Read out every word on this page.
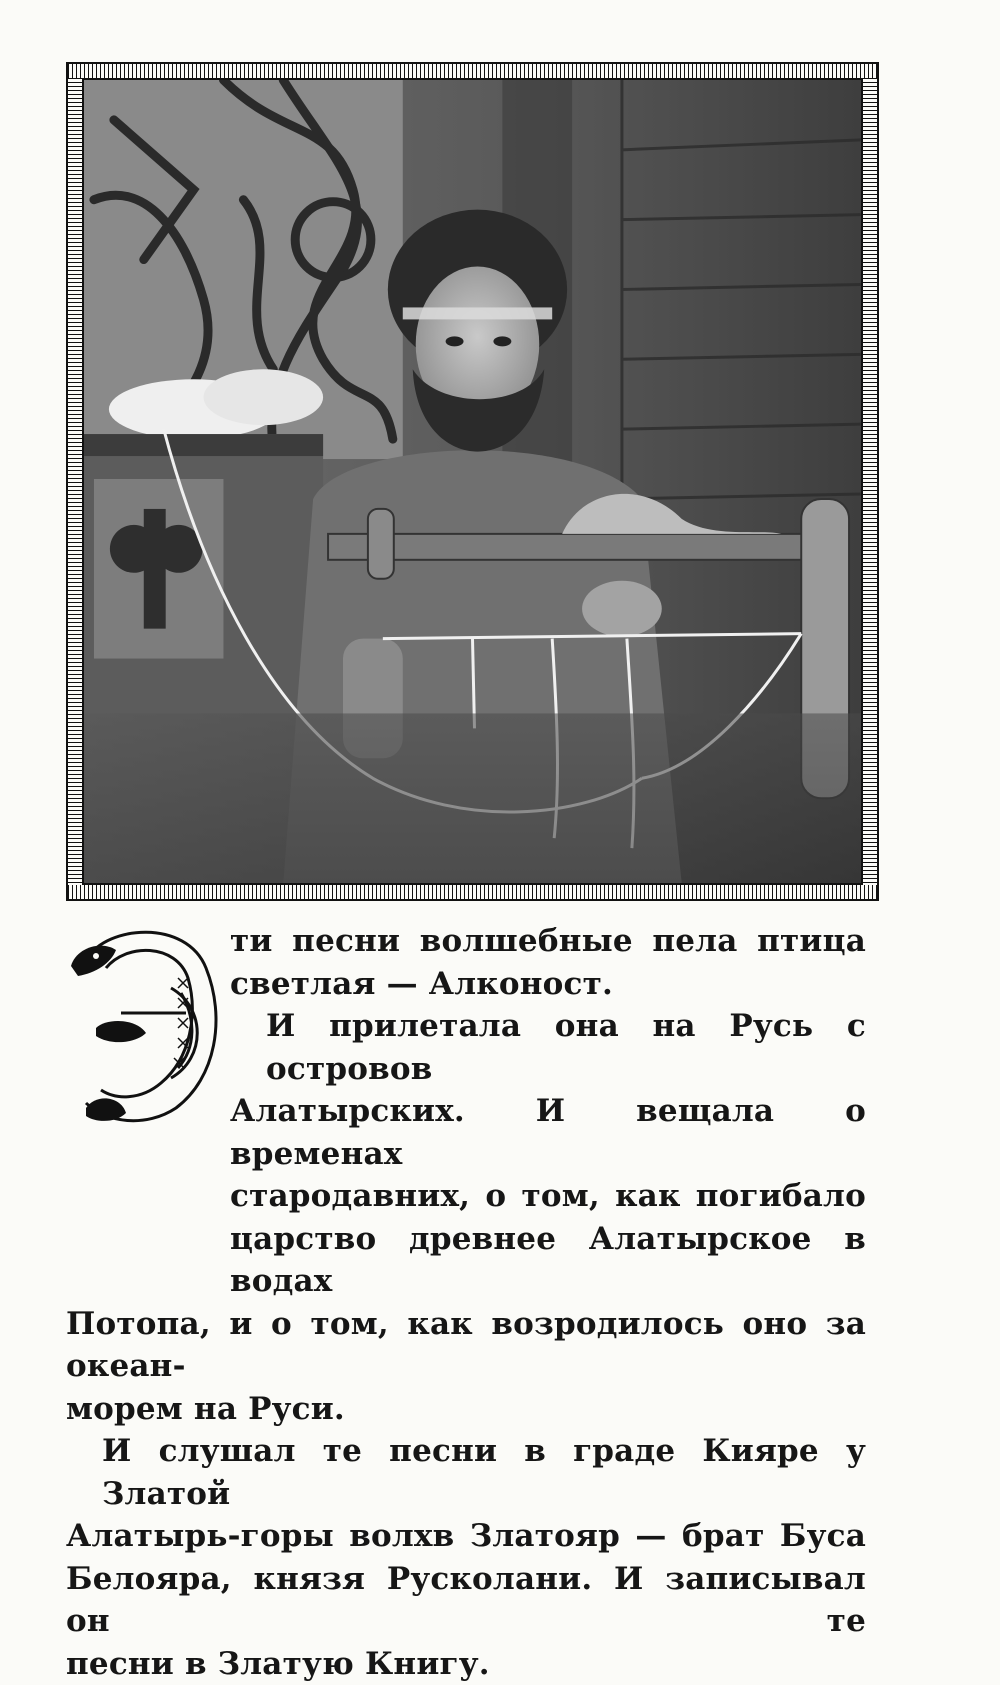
ти песни волшебные пела птица
светлая — Алконост.

И прилетала она на Русь с островов
Алатырских. И вещала о временах
стародавних, о том, как погибало
царство древнее Алатырское в водах

Потопа, и о том, как возродилось оно за океан-
морем на Руси.

И слушал те песни в граде Кияре у Златой
Алатырь-горы волхв Златояр — брат Буса
Белояра, князя Русколани. И записывал он те
песни в Златую Книгу.
